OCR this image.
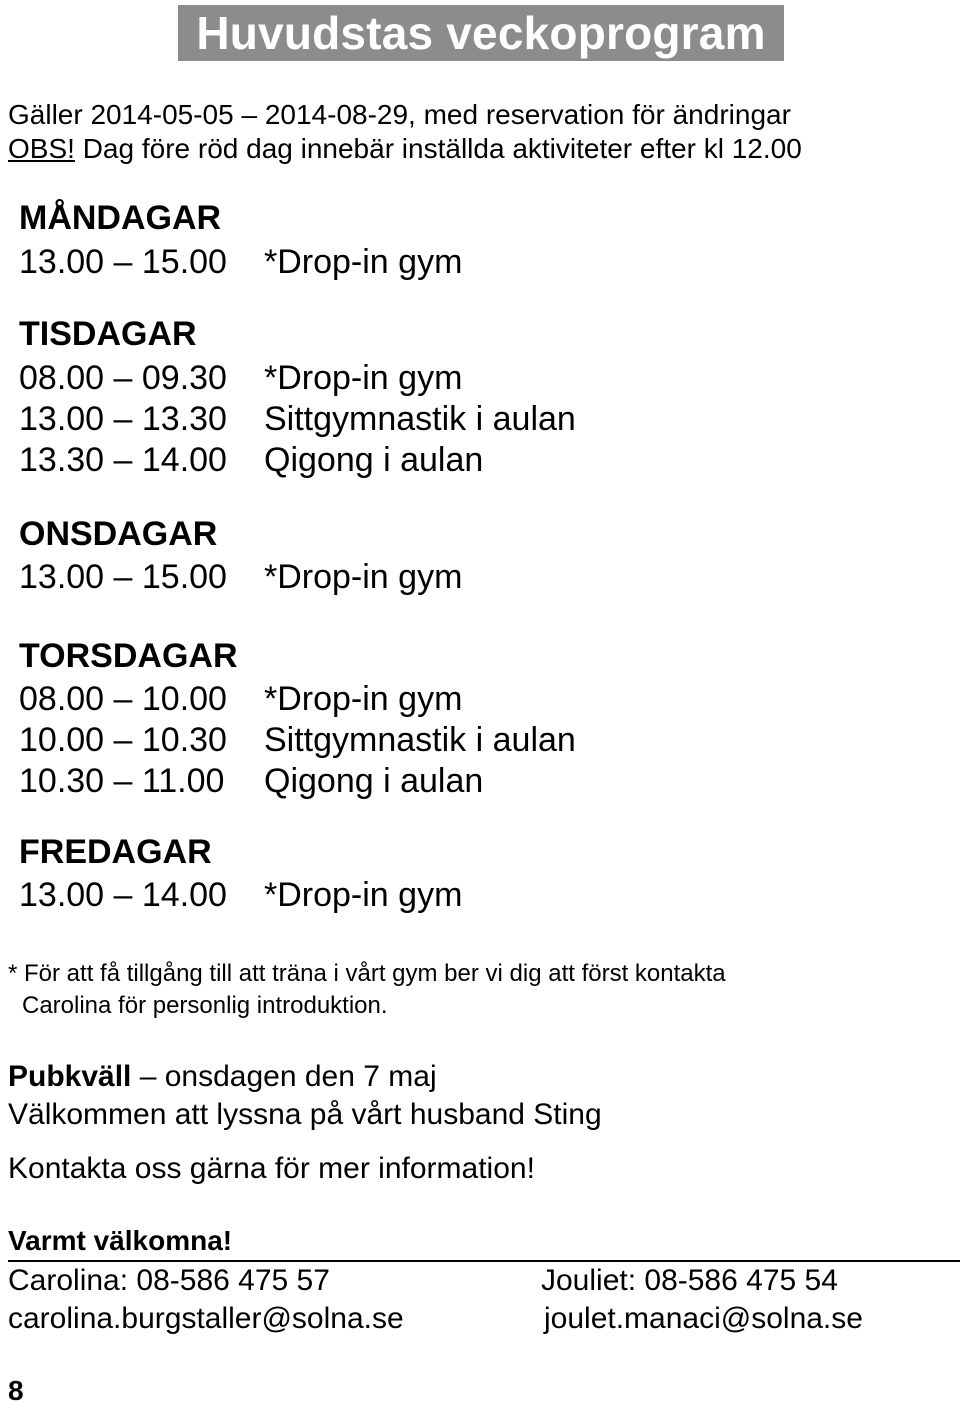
Huvudstas veckoprogram
Gäller 2014-05-05 – 2014-08-29, med reservation för ändringar
OBS! Dag före röd dag innebär inställda aktiviteter efter kl 12.00
MÅNDAGAR
13.00 – 15.00 *Drop-in gym
TISDAGAR
08.00 – 09.30 *Drop-in gym
13.00 – 13.30 Sittgymnastik i aulan
13.30 – 14.00 Qigong i aulan
ONSDAGAR
13.00 – 15.00 *Drop-in gym
TORSDAGAR
08.00 – 10.00 *Drop-in gym
10.00 – 10.30 Sittgymnastik i aulan
10.30 – 11.00 Qigong i aulan
FREDAGAR
13.00 – 14.00 *Drop-in gym
* För att få tillgång till att träna i vårt gym ber vi dig att först kontakta
Carolina för personlig introduktion.
Pubkväll – onsdagen den 7 maj
Välkommen att lyssna på vårt husband Sting
Kontakta oss gärna för mer information!
Varmt välkomna!
Carolina: 08-586 475 57	Jouliet: 08-586 475 54
carolina.burgstaller@solna.se	joulet.manaci@solna.se
8
